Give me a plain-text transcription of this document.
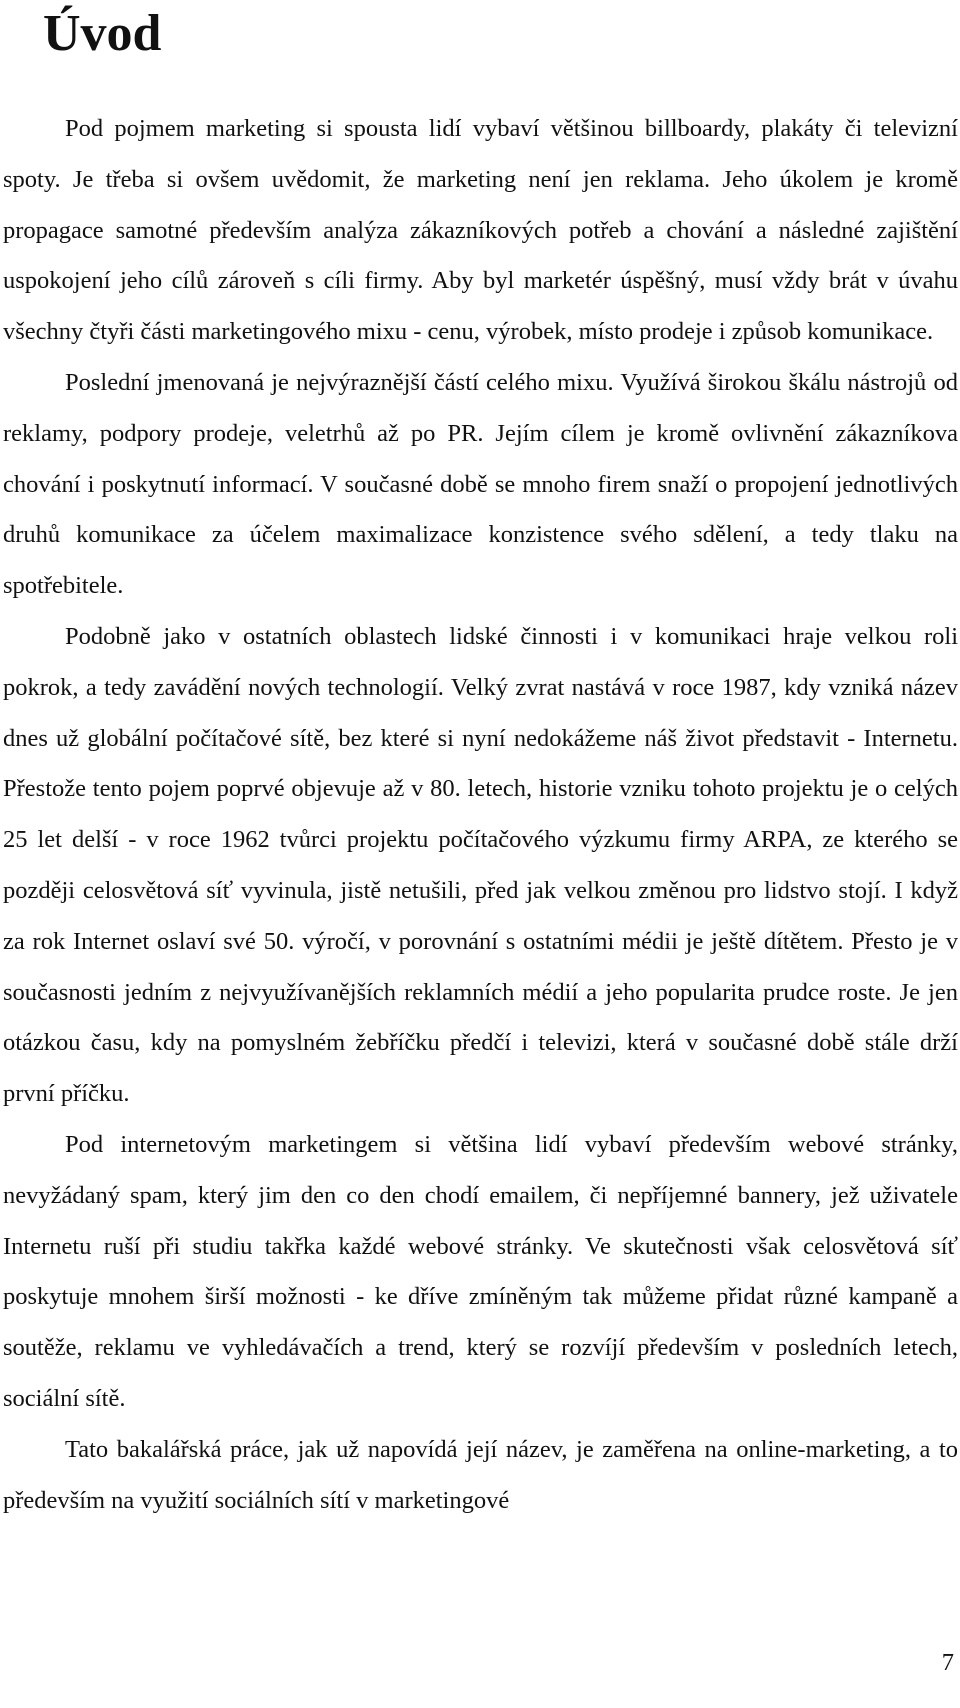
Úvod

Pod pojmem marketing si spousta lidí vybaví většinou billboardy, plakáty či televizní spoty. Je třeba si ovšem uvědomit, že marketing není jen reklama. Jeho úkolem je kromě propagace samotné především analýza zákazníkových potřeb a chování a následné zajištění uspokojení jeho cílů zároveň s cíli firmy. Aby byl marketér úspěšný, musí vždy brát v úvahu všechny čtyři části marketingového mixu - cenu, výrobek, místo prodeje i způsob komunikace.

Poslední jmenovaná je nejvýraznější částí celého mixu. Využívá širokou škálu nástrojů od reklamy, podpory prodeje, veletrhů až po PR. Jejím cílem je kromě ovlivnění zákazníkova chování i poskytnutí informací. V současné době se mnoho firem snaží o propojení jednotlivých druhů komunikace za účelem maximalizace konzistence svého sdělení, a tedy tlaku na spotřebitele.

Podobně jako v ostatních oblastech lidské činnosti i v komunikaci hraje velkou roli pokrok, a tedy zavádění nových technologií. Velký zvrat nastává v roce 1987, kdy vzniká název dnes už globální počítačové sítě, bez které si nyní nedokážeme náš život představit - Internetu. Přestože tento pojem poprvé objevuje až v 80. letech, historie vzniku tohoto projektu je o celých 25 let delší - v roce 1962 tvůrci projektu počítačového výzkumu firmy ARPA, ze kterého se později celosvětová síť vyvinula, jistě netušili, před jak velkou změnou pro lidstvo stojí. I když za rok Internet oslaví své 50. výročí, v porovnání s ostatními médii je ještě dítětem. Přesto je v současnosti jedním z nejvyužívanějších reklamních médií a jeho popularita prudce roste. Je jen otázkou času, kdy na pomyslném žebříčku předčí i televizi, která v současné době stále drží první příčku.

Pod internetovým marketingem si většina lidí vybaví především webové stránky, nevyžádaný spam, který jim den co den chodí emailem, či nepříjemné bannery, jež uživatele Internetu ruší při studiu takřka každé webové stránky. Ve skutečnosti však celosvětová síť poskytuje mnohem širší možnosti - ke dříve zmíněným tak můžeme přidat různé kampaně a soutěže, reklamu ve vyhledávačích a trend, který se rozvíjí především v posledních letech, sociální sítě.

Tato bakalářská práce, jak už napovídá její název, je zaměřena na online-marketing, a to především na využití sociálních sítí v marketingové

7
